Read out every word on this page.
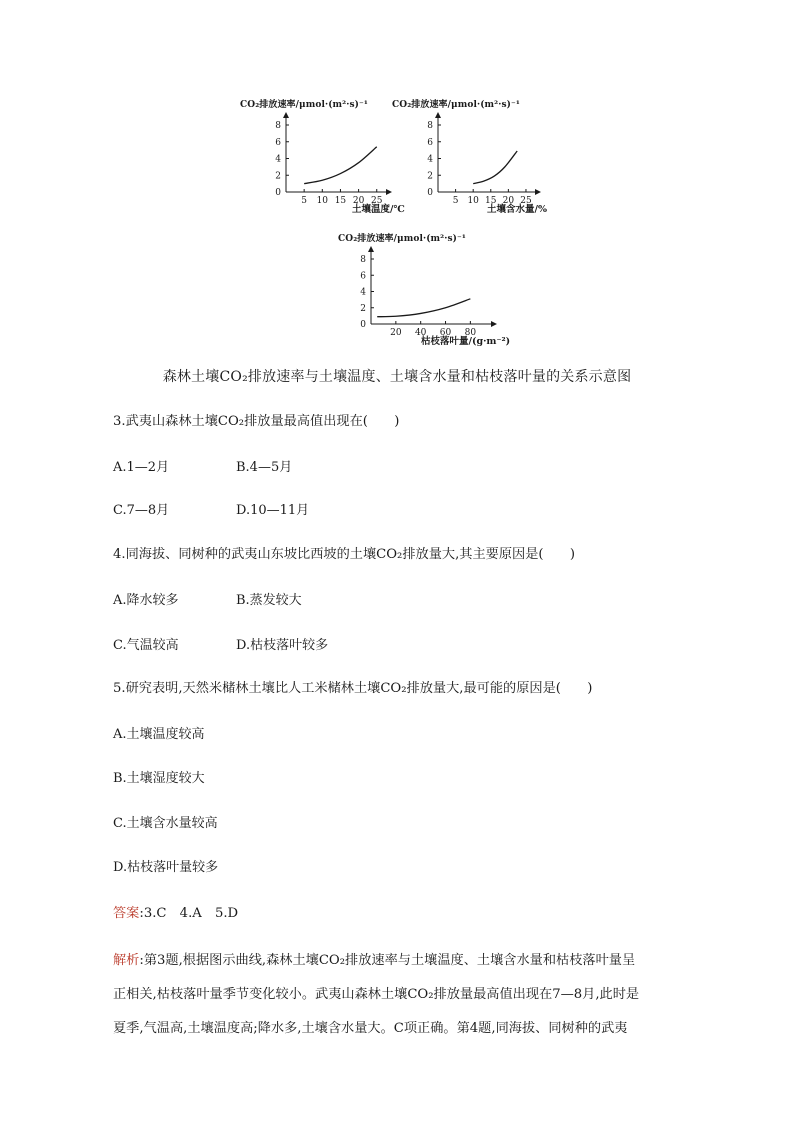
CO₂排放速率/μmol·(m²·s)⁻¹
8
6
4
2
0
5 10 15 20 25
土壤温度/℃
CO₂排放速率/μmol·(m²·s)⁻¹
8
6
4
2
0
5 10 15 20 25
土壤含水量/%
CO₂排放速率/μmol·(m²·s)⁻¹
8
6
4
2
0
20 40 60 80
枯枝落叶量/(g·m⁻²)
森林土壤CO₂排放速率与土壤温度、土壤含水量和枯枝落叶量的关系示意图
3.武夷山森林土壤CO₂排放量最高值出现在(　　)
A.1—2月	B.4—5月
C.7—8月	D.10—11月
4.同海拔、同树种的武夷山东坡比西坡的土壤CO₂排放量大,其主要原因是(　　)
A.降水较多	B.蒸发较大
C.气温较高	D.枯枝落叶较多
5.研究表明,天然米槠林土壤比人工米槠林土壤CO₂排放量大,最可能的原因是(　　)
A.土壤温度较高
B.土壤湿度较大
C.土壤含水量较高
D.枯枝落叶量较多
答案:3.C　4.A　5.D
解析:第3题,根据图示曲线,森林土壤CO₂排放速率与土壤温度、土壤含水量和枯枝落叶量呈
正相关,枯枝落叶量季节变化较小。武夷山森林土壤CO₂排放量最高值出现在7—8月,此时是
夏季,气温高,土壤温度高;降水多,土壤含水量大。C项正确。第4题,同海拔、同树种的武夷
